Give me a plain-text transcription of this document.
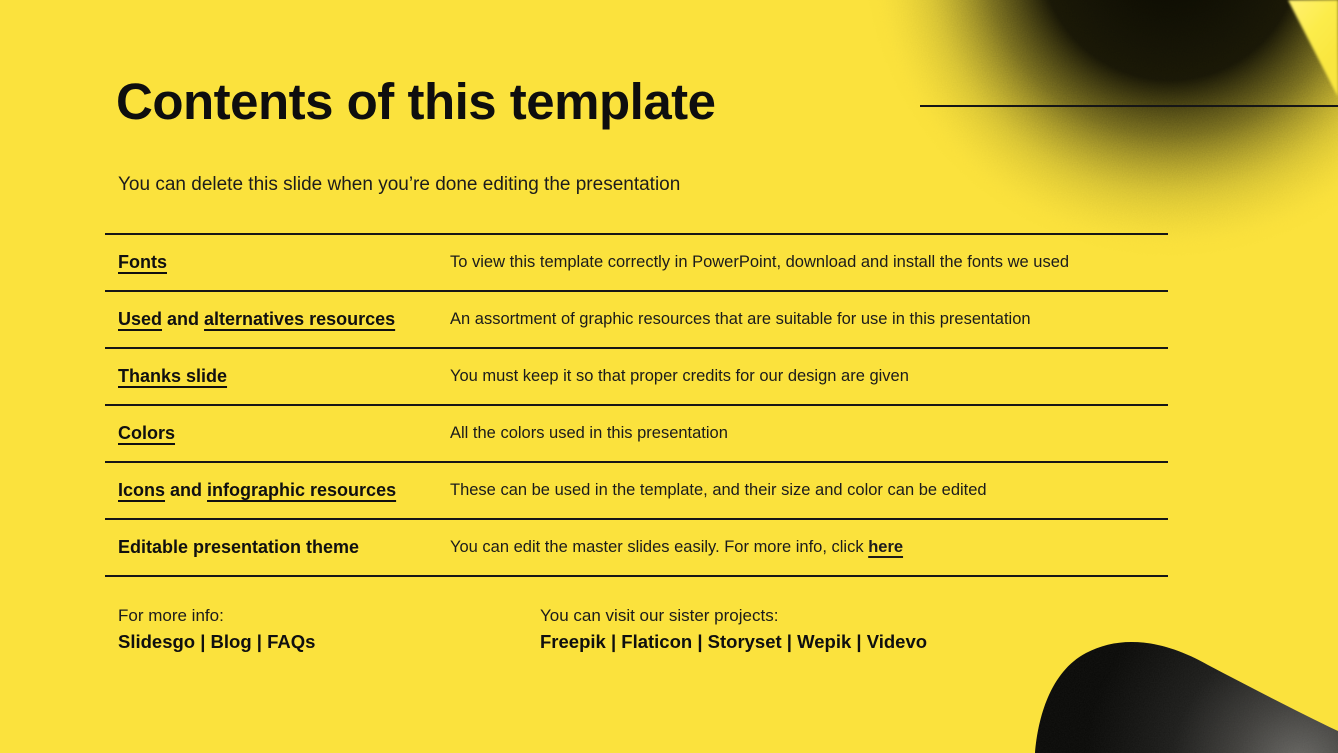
Contents of this template
You can delete this slide when you’re done editing the presentation
Fonts	To view this template correctly in PowerPoint, download and install the fonts we used
Used and alternatives resources	An assortment of graphic resources that are suitable for use in this presentation
Thanks slide	You must keep it so that proper credits for our design are given
Colors	All the colors used in this presentation
Icons and infographic resources	These can be used in the template, and their size and color can be edited
Editable presentation theme	You can edit the master slides easily. For more info, click here
For more info:
Slidesgo | Blog | FAQs
You can visit our sister projects:
Freepik | Flaticon | Storyset | Wepik | Videvo
